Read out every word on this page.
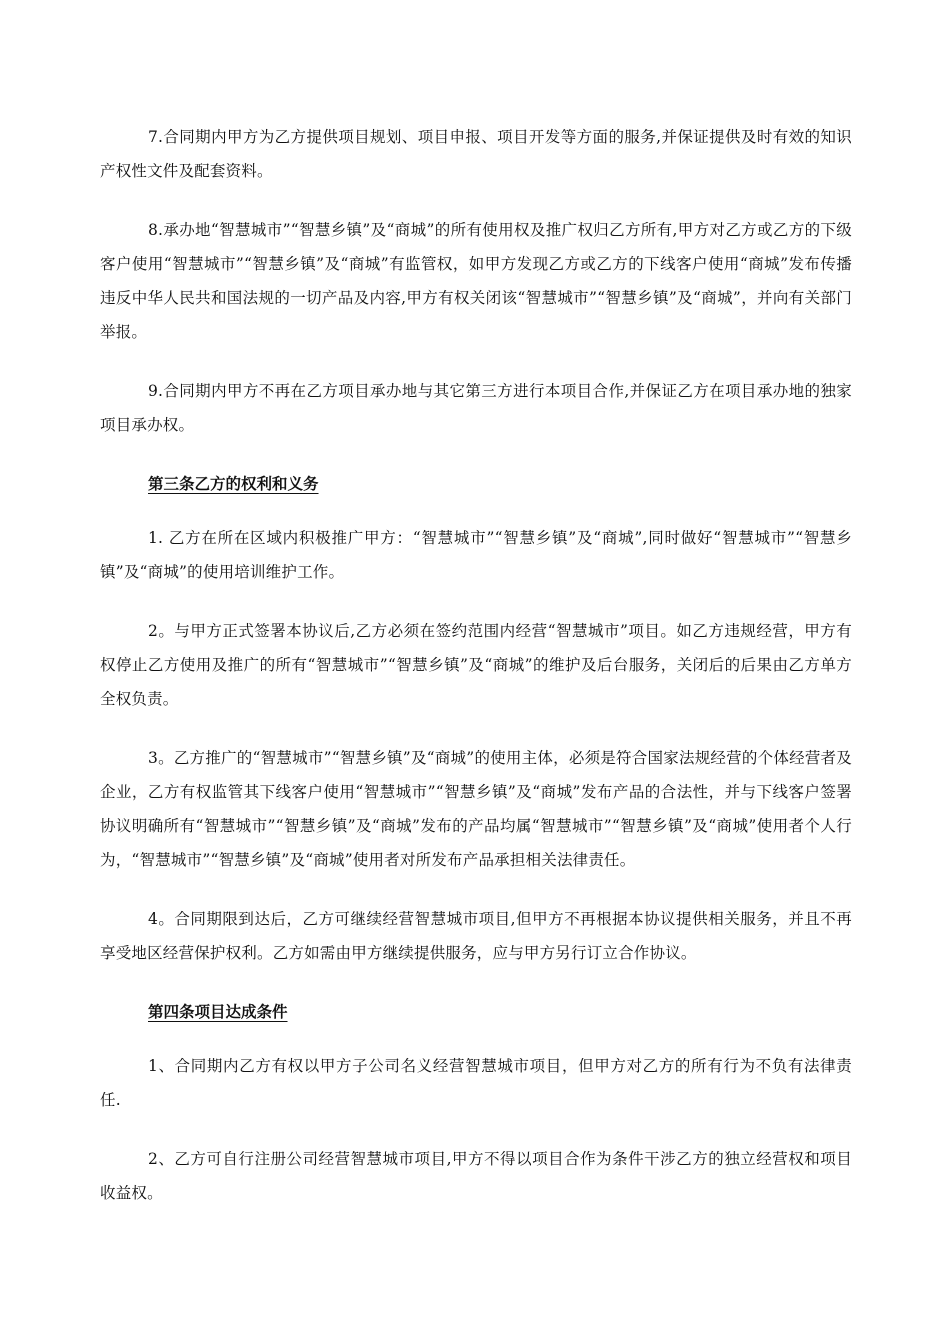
7.合同期内甲方为乙方提供项目规划、项目申报、项目开发等方面的服务,并保证提供及时有效的知识产权性文件及配套资料。

8.承办地“智慧城市”“智慧乡镇”及“商城”的所有使用权及推广权归乙方所有,甲方对乙方或乙方的下级客户使用“智慧城市”“智慧乡镇”及“商城”有监管权，如甲方发现乙方或乙方的下线客户使用“商城”发布传播违反中华人民共和国法规的一切产品及内容,甲方有权关闭该“智慧城市”“智慧乡镇”及“商城”，并向有关部门举报。

9.合同期内甲方不再在乙方项目承办地与其它第三方进行本项目合作,并保证乙方在项目承办地的独家项目承办权。

第三条乙方的权利和义务

1. 乙方在所在区域内积极推广甲方：“智慧城市”“智慧乡镇”及“商城”,同时做好“智慧城市”“智慧乡镇”及“商城”的使用培训维护工作。

2。与甲方正式签署本协议后,乙方必须在签约范围内经营“智慧城市”项目。如乙方违规经营，甲方有权停止乙方使用及推广的所有“智慧城市”“智慧乡镇”及“商城”的维护及后台服务，关闭后的后果由乙方单方全权负责。

3。乙方推广的“智慧城市”“智慧乡镇”及“商城”的使用主体，必须是符合国家法规经营的个体经营者及企业，乙方有权监管其下线客户使用“智慧城市”“智慧乡镇”及“商城”发布产品的合法性，并与下线客户签署协议明确所有“智慧城市”“智慧乡镇”及“商城”发布的产品均属“智慧城市”“智慧乡镇”及“商城”使用者个人行为，“智慧城市”“智慧乡镇”及“商城”使用者对所发布产品承担相关法律责任。

4。合同期限到达后，乙方可继续经营智慧城市项目,但甲方不再根据本协议提供相关服务，并且不再享受地区经营保护权利。乙方如需由甲方继续提供服务，应与甲方另行订立合作协议。

第四条项目达成条件

1、合同期内乙方有权以甲方子公司名义经营智慧城市项目，但甲方对乙方的所有行为不负有法律责任.

2、乙方可自行注册公司经营智慧城市项目,甲方不得以项目合作为条件干涉乙方的独立经营权和项目收益权。
